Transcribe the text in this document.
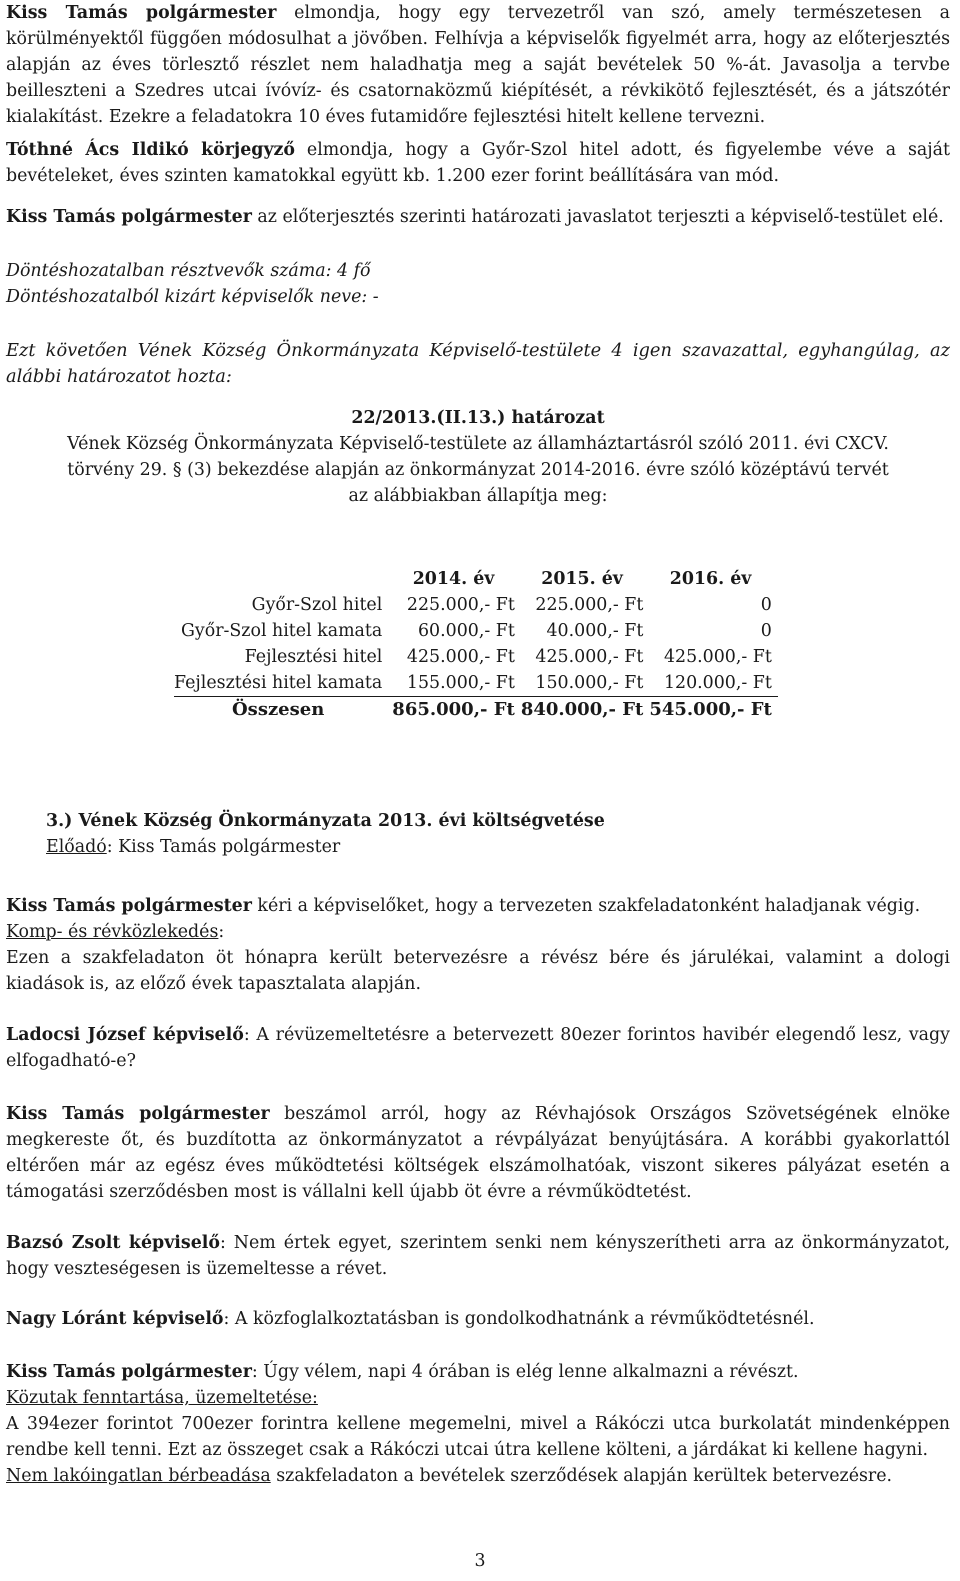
Kiss Tamás polgármester elmondja, hogy egy tervezetről van szó, amely természetesen a körülményektől függően módosulhat a jövőben. Felhívja a képviselők figyelmét arra, hogy az előterjesztés alapján az éves törlesztő részlet nem haladhatja meg a saját bevételek 50 %-át. Javasolja a tervbe beilleszteni a Szedres utcai ívóvíz- és csatornaközmű kiépítését, a révkikötő fejlesztését, és a játszótér kialakítást. Ezekre a feladatokra 10 éves futamidőre fejlesztési hitelt kellene tervezni.

Tóthné Ács Ildikó körjegyző elmondja, hogy a Győr-Szol hitel adott, és figyelembe véve a saját bevételeket, éves szinten kamatokkal együtt kb. 1.200 ezer forint beállítására van mód.

Kiss Tamás polgármester az előterjesztés szerinti határozati javaslatot terjeszti a képviselő-testület elé.

Döntéshozatalban résztvevők száma: 4 fő

Döntéshozatalból kizárt képviselők neve: -

Ezt követően Vének Község Önkormányzata Képviselő-testülete 4 igen szavazattal, egyhangúlag, az alábbi határozatot hozta:

22/2013.(II.13.) határozat
Vének Község Önkormányzata Képviselő-testülete az államháztartásról szóló 2011. évi CXCV.
törvény 29. § (3) bekezdése alapján az önkormányzat 2014-2016. évre szóló középtávú tervét
az alábbiakban állapítja meg:
	2014. év	2015. év	2016. év
Győr-Szol hitel	225.000,- Ft	225.000,- Ft	0
Győr-Szol hitel kamata	60.000,- Ft	40.000,- Ft	0
Fejlesztési hitel	425.000,- Ft	425.000,- Ft	425.000,- Ft
Fejlesztési hitel kamata	155.000,- Ft	150.000,- Ft	120.000,- Ft
Összesen	865.000,- Ft	840.000,- Ft	545.000,- Ft
3.) Vének Község Önkormányzata 2013. évi költségvetése
Előadó: Kiss Tamás polgármester

Kiss Tamás polgármester kéri a képviselőket, hogy a tervezeten szakfeladatonként haladjanak végig.

Komp- és révközlekedés:

Ezen a szakfeladaton öt hónapra került betervezésre a révész bére és járulékai, valamint a dologi kiadások is, az előző évek tapasztalata alapján.

Ladocsi József képviselő: A révüzemeltetésre a betervezett 80ezer forintos havibér elegendő lesz, vagy elfogadható-e?

Kiss Tamás polgármester beszámol arról, hogy az Révhajósok Országos Szövetségének elnöke megkereste őt, és buzdította az önkormányzatot a révpályázat benyújtására. A korábbi gyakorlattól eltérően már az egész éves működtetési költségek elszámolhatóak, viszont sikeres pályázat esetén a támogatási szerződésben most is vállalni kell újabb öt évre a révműködtetést.

Bazsó Zsolt képviselő: Nem értek egyet, szerintem senki nem kényszerítheti arra az önkormányzatot, hogy veszteségesen is üzemeltesse a révet.

Nagy Lóránt képviselő: A közfoglalkoztatásban is gondolkodhatnánk a révműködtetésnél.

Kiss Tamás polgármester: Úgy vélem, napi 4 órában is elég lenne alkalmazni a révészt.

Közutak fenntartása, üzemeltetése:

A 394ezer forintot 700ezer forintra kellene megemelni, mivel a Rákóczi utca burkolatát mindenképpen rendbe kell tenni. Ezt az összeget csak a Rákóczi utcai útra kellene költeni, a járdákat ki kellene hagyni.

Nem lakóingatlan bérbeadása szakfeladaton a bevételek szerződések alapján kerültek betervezésre.

3
